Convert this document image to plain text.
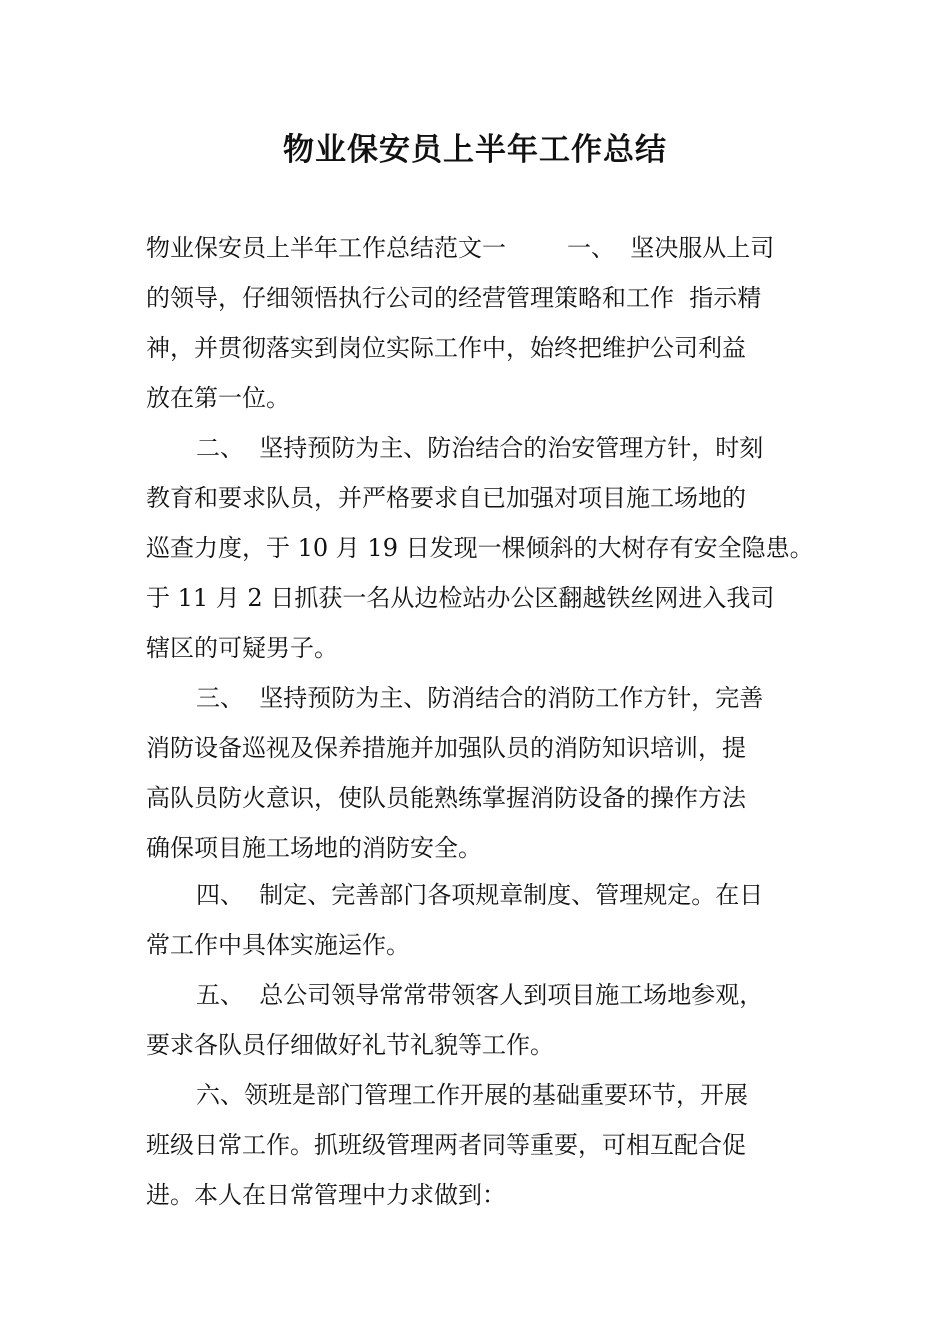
物业保安员上半年工作总结

物业保安员上半年工作总结范文一        一、  坚决服从上司

的领导，仔细领悟执行公司的经营管理策略和工作  指示精

神，并贯彻落实到岗位实际工作中，始终把维护公司利益

放在第一位。

二、  坚持预防为主、防治结合的治安管理方针，时刻

教育和要求队员，并严格要求自已加强对项目施工场地的

巡查力度，于 10 月 19 日发现一棵倾斜的大树存有安全隐患。

于 11 月 2 日抓获一名从边检站办公区翻越铁丝网进入我司

辖区的可疑男子。

三、  坚持预防为主、防消结合的消防工作方针，完善

消防设备巡视及保养措施并加强队员的消防知识培训，提

高队员防火意识，使队员能熟练掌握消防设备的操作方法

确保项目施工场地的消防安全。

四、  制定、完善部门各项规章制度、管理规定。在日

常工作中具体实施运作。

五、  总公司领导常常带领客人到项目施工场地参观，

要求各队员仔细做好礼节礼貌等工作。

六、领班是部门管理工作开展的基础重要环节，开展

班级日常工作。抓班级管理两者同等重要，可相互配合促

进。本人在日常管理中力求做到：
